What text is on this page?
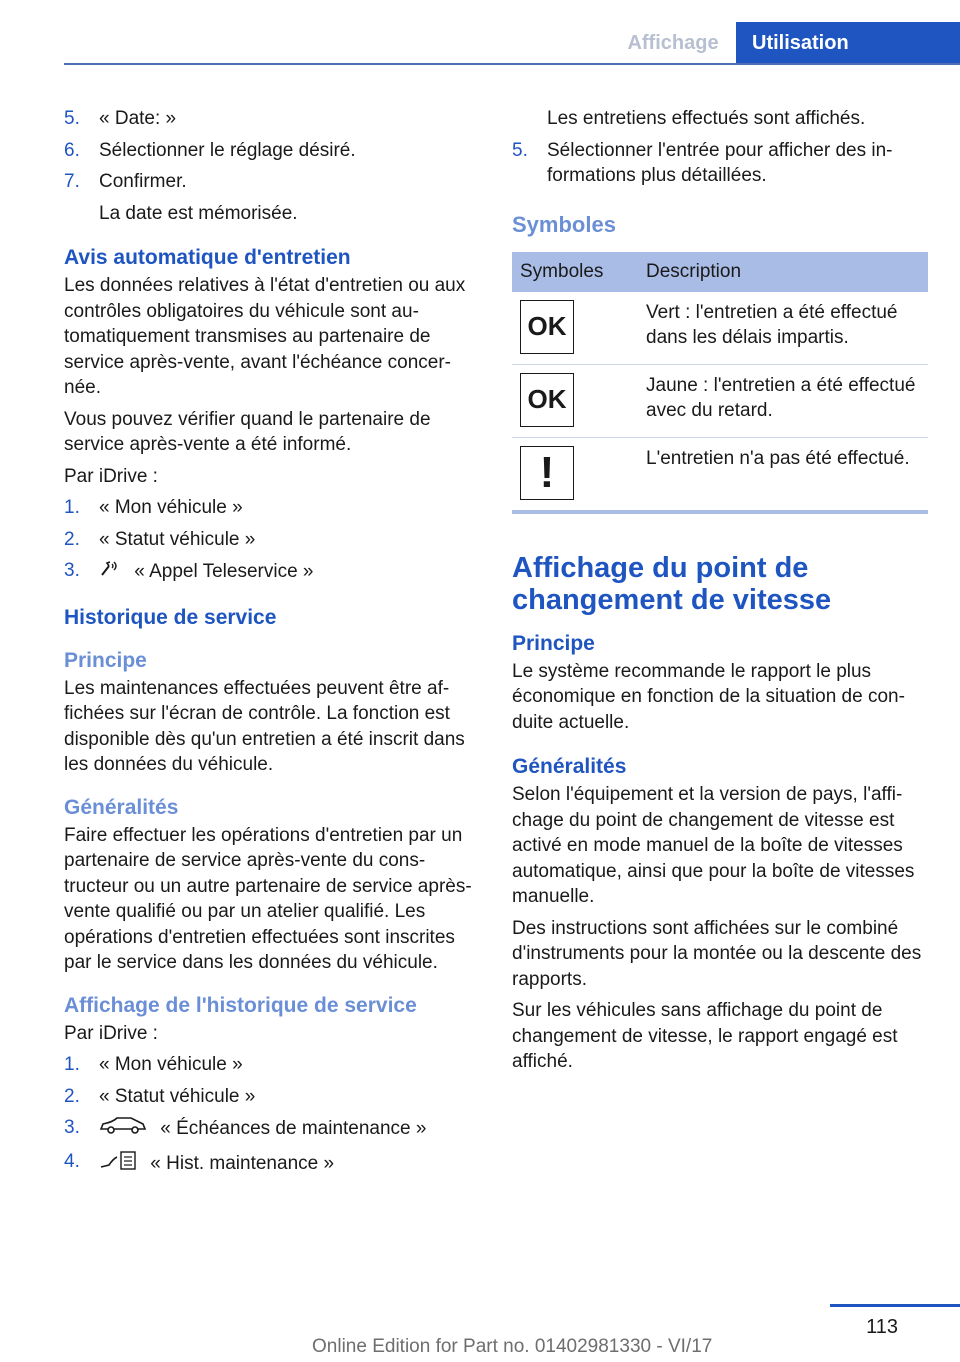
Affichage	Utilisation
5. « Date: »
6. Sélectionner le réglage désiré.
7. Confirmer.
La date est mémorisée.
Avis automatique d'entretien

Les données relatives à l'état d'entretien ou aux contrôles obligatoires du véhicule sont automatiquement transmises au partenaire de service après-vente, avant l'échéance concernée.

Vous pouvez vérifier quand le partenaire de service après-vente a été informé.

Par iDrive :

1. « Mon véhicule »
2. « Statut véhicule »
3.	« Appel Teleservice »
Historique de service
Principe

Les maintenances effectuées peuvent être affichées sur l'écran de contrôle. La fonction est disponible dès qu'un entretien a été inscrit dans les données du véhicule.

Généralités

Faire effectuer les opérations d'entretien par un partenaire de service après-vente du constructeur ou un autre partenaire de service après-vente qualifié ou par un atelier qualifié. Les opérations d'entretien effectuées sont inscrites par le service dans les données du véhicule.

Affichage de l'historique de service

Par iDrive :

1. « Mon véhicule »
2. « Statut véhicule »
3.	« Échéances de maintenance »
4.	« Hist. maintenance »

Les entretiens effectués sont affichés.

5. Sélectionner l'entrée pour afficher des informations plus détaillées.
Symboles
Symboles	Description

OK	Vert : l'entretien a été effectué dans les délais impartis.

OK	Jaune : l'entretien a été effectué avec du retard.

!	L'entretien n'a pas été effectué.
Affichage du point de changement de vitesse
Principe

Le système recommande le rapport le plus économique en fonction de la situation de conduite actuelle.

Généralités

Selon l'équipement et la version de pays, l'affichage du point de changement de vitesse est activé en mode manuel de la boîte de vitesses automatique, ainsi que pour la boîte de vitesses manuelle.

Des instructions sont affichées sur le combiné d'instruments pour la montée ou la descente des rapports.

Sur les véhicules sans affichage du point de changement de vitesse, le rapport engagé est affiché.

113
Online Edition for Part no. 01402981330 - VI/17
